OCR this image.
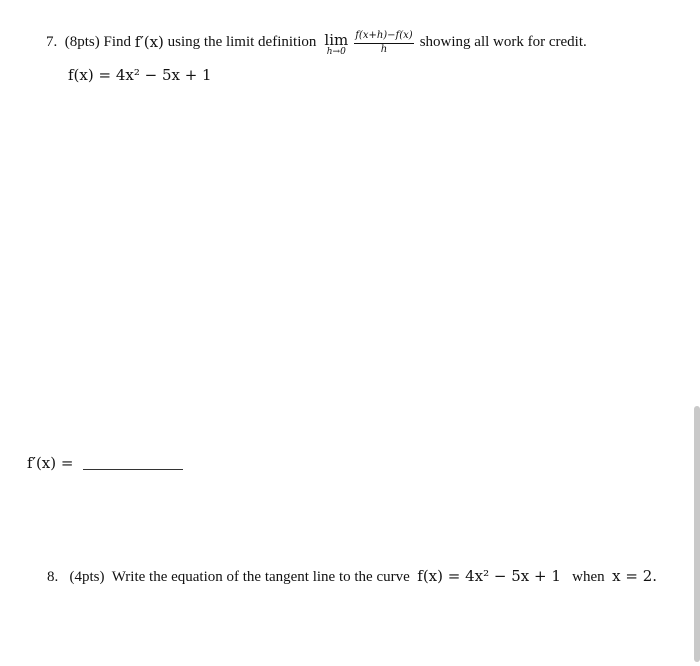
7.
(8pts)
Find
f′(x)
using the limit definition lim
$h\to 0 \frac{f(x+h)-f(x)}{h}$ showing all work for credit.
f(x) = 4x² − 5x + 1
f′(x) =
8. (4pts) Write the equation of the tangent line to the curve f(x) = 4x² − 5x + 1 when x = 2.
